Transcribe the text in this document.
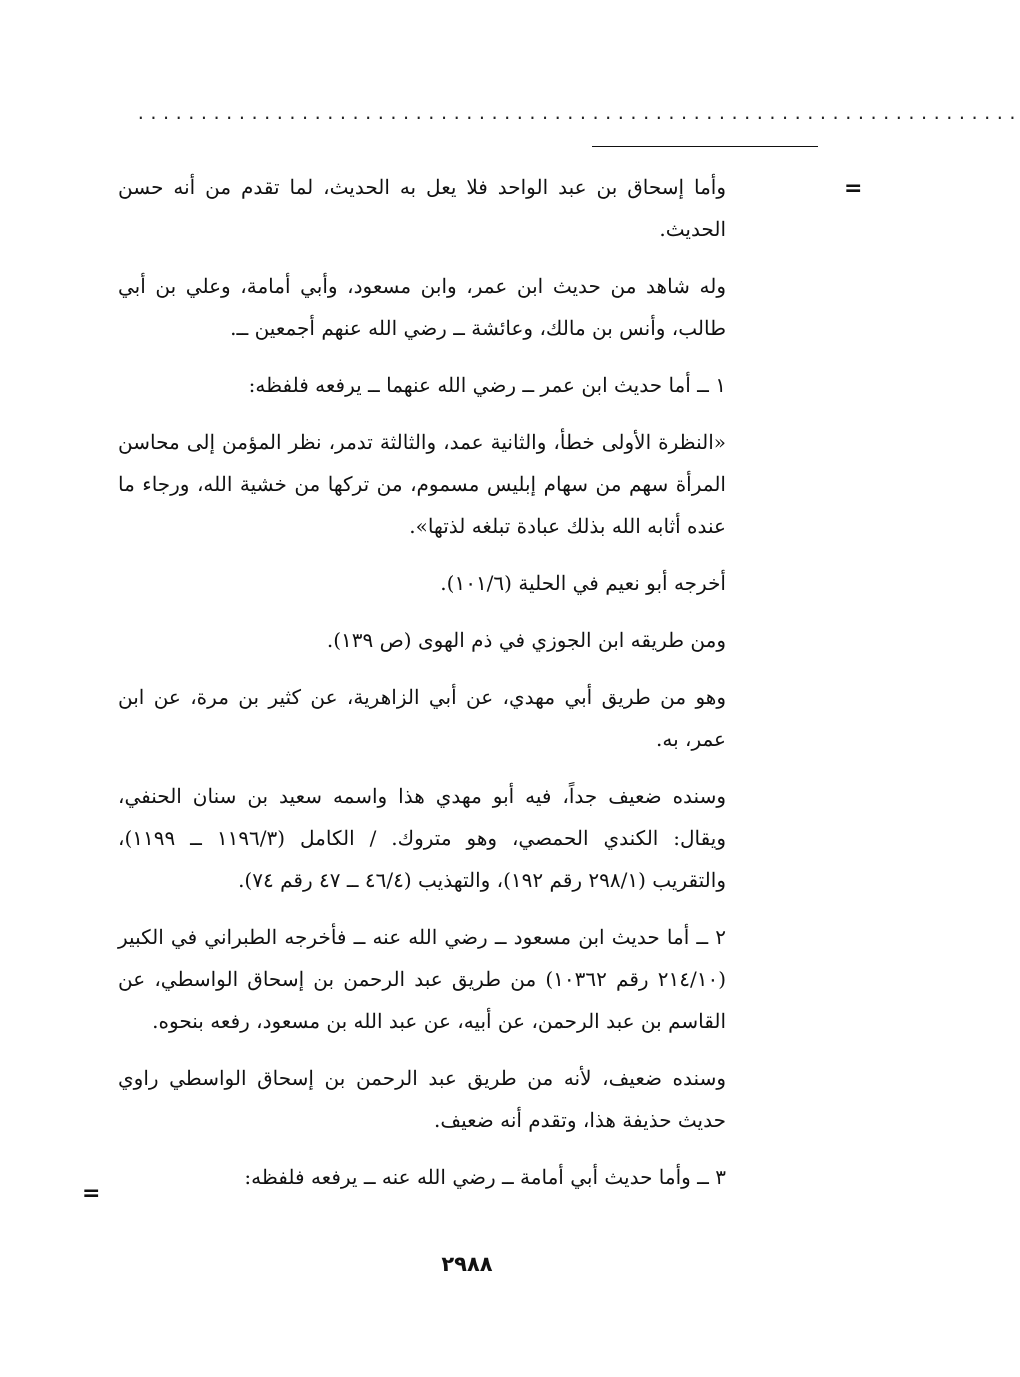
......................................................................
=
=

وأما إسحاق بن عبد الواحد فلا يعل به الحديث، لما تقدم من أنه حسن الحديث.

وله شاهد من حديث ابن عمر، وابن مسعود، وأبي أمامة، وعلي بن أبي طالب، وأنس بن مالك، وعائشة ــ رضي الله عنهم أجمعين ــ.

١ ــ أما حديث ابن عمر ــ رضي الله عنهما ــ يرفعه فلفظه:

«النظرة الأولى خطأ، والثانية عمد، والثالثة تدمر، نظر المؤمن إلى محاسن المرأة سهم من سهام إبليس مسموم، من تركها من خشية الله، ورجاء ما عنده أثابه الله بذلك عبادة تبلغه لذتها».

أخرجه أبو نعيم في الحلية (١٠١/٦).

ومن طريقه ابن الجوزي في ذم الهوى (ص ١٣٩).

وهو من طريق أبي مهدي، عن أبي الزاهرية، عن كثير بن مرة، عن ابن عمر، به.

وسنده ضعيف جداً، فيه أبو مهدي هذا واسمه سعيد بن سنان الحنفي، ويقال: الكندي الحمصي، وهو متروك. / الكامل (١١٩٦/٣ ــ ١١٩٩)، والتقريب (٢٩٨/١ رقم ١٩٢)، والتهذيب (٤٦/٤ ــ ٤٧ رقم ٧٤).

٢ ــ أما حديث ابن مسعود ــ رضي الله عنه ــ فأخرجه الطبراني في الكبير (٢١٤/١٠ رقم ١٠٣٦٢) من طريق عبد الرحمن بن إسحاق الواسطي، عن القاسم بن عبد الرحمن، عن أبيه، عن عبد الله بن مسعود، رفعه بنحوه.

وسنده ضعيف، لأنه من طريق عبد الرحمن بن إسحاق الواسطي راوي حديث حذيفة هذا، وتقدم أنه ضعيف.

٣ ــ وأما حديث أبي أمامة ــ رضي الله عنه ــ يرفعه فلفظه:

٢٩٨٨
